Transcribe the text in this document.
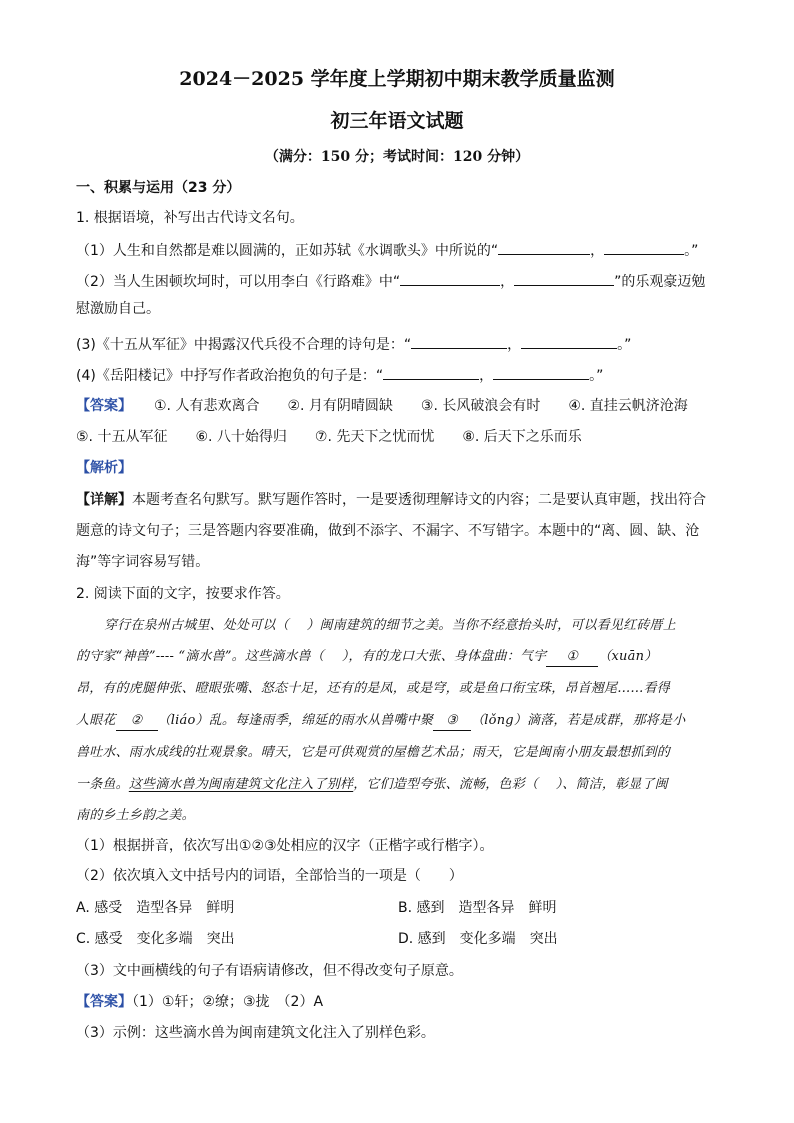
2024－2025 学年度上学期初中期末教学质量监测
初三年语文试题
（满分：150 分；考试时间：120 分钟）
一、积累与运用（23 分）
1. 根据语境，补写出古代诗文名句。
（1）人生和自然都是难以圆满的，正如苏轼《水调歌头》中所说的“	，	。”
（2）当人生困顿坎坷时，可以用李白《行路难》中“	，	”的乐观豪迈勉
慰激励自己。
(3)《十五从军征》中揭露汉代兵役不合理的诗句是：“	，	。”
(4)《岳阳楼记》中抒写作者政治抱负的句子是：“	，	。”
【答案】 ①. 人有悲欢离合 ②. 月有阴晴圆缺 ③. 长风破浪会有时 ④. 直挂云帆济沧海
⑤. 十五从军征 ⑥. 八十始得归 ⑦. 先天下之忧而忧 ⑧. 后天下之乐而乐
【解析】
【详解】本题考查名句默写。默写题作答时，一是要透彻理解诗文的内容；二是要认真审题，找出符合
题意的诗文句子；三是答题内容要准确，做到不添字、不漏字、不写错字。本题中的“离、圆、缺、沧
海”等字词容易写错。
2. 阅读下面的文字，按要求作答。
穿行在泉州古城里、处处可以（　 ）闽南建筑的细节之美。当你不经意抬头时，可以看见红砖厝上
的守家“神兽”---- “滴水兽”。这些滴水兽（　 ），有的龙口大张、身体盘曲：气宇 ① （xuān）
昂，有的虎腿伸张、瞪眼张嘴、怒态十足，还有的是凤，或是穹，或是鱼口衔宝珠，昂首翘尾……看得
人眼花 ② （liáo）乱。每逢雨季，绵延的雨水从兽嘴中聚 ③ （lǒng）滴落，若是成群，那将是小
兽吐水、雨水成线的壮观景象。晴天，它是可供观赏的屋檐艺术品；雨天，它是闽南小朋友最想抓到的
一条鱼。这些滴水兽为闽南建筑文化注入了别样，它们造型夸张、流畅，色彩（　 ）、简洁，彰显了闽
南的乡土乡韵之美。
（1）根据拼音，依次写出①②③处相应的汉字（正楷字或行楷字）。
（2）依次填入文中括号内的词语，全部恰当的一项是（　　）
A. 感受　造型各异　鲜明	B. 感到　造型各异　鲜明
C. 感受　变化多端　突出	D. 感到　变化多端　突出
（3）文中画横线的句子有语病请修改，但不得改变句子原意。
【答案】（1）①轩；②缭；③拢　（2）A
（3）示例：这些滴水兽为闽南建筑文化注入了别样色彩。
